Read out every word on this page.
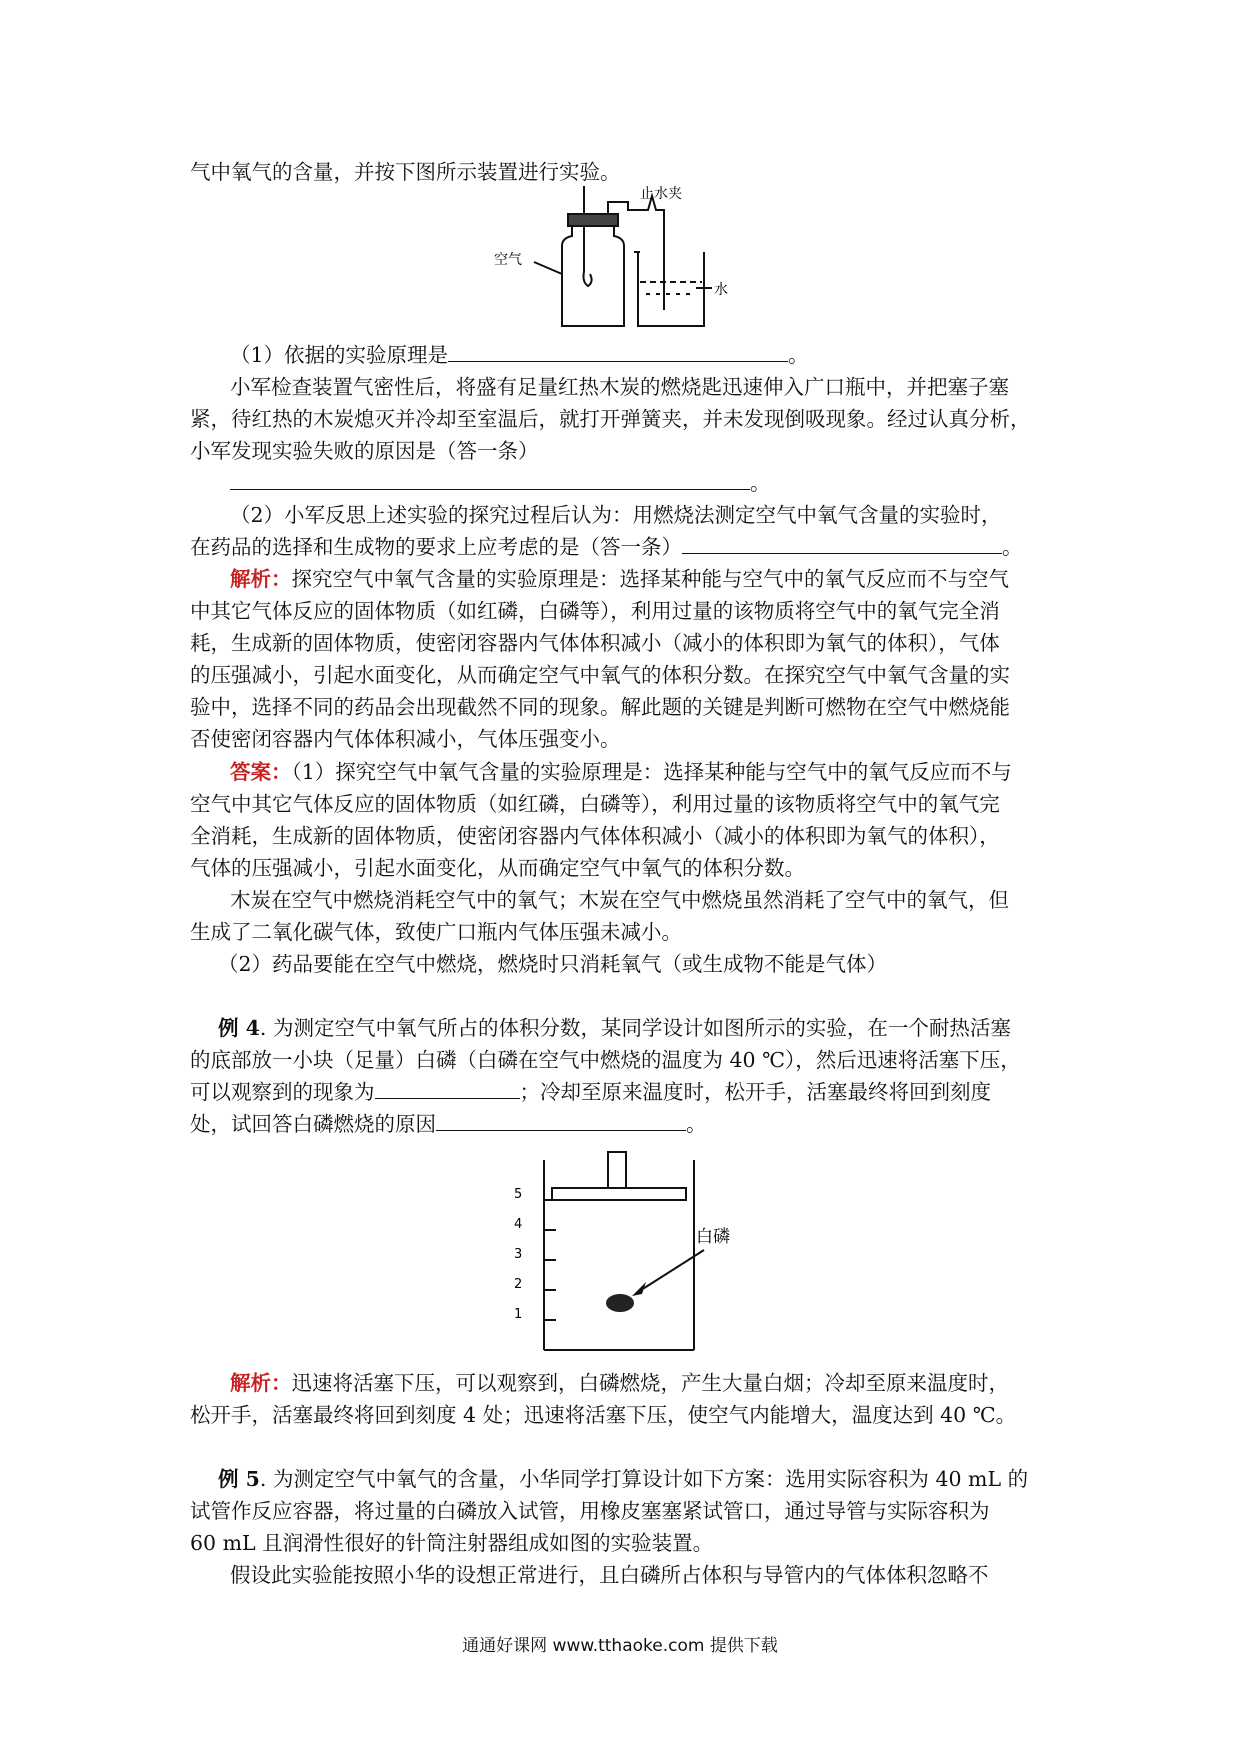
气中氧气的含量，并按下图所示装置进行实验。
止水夹
空气
水
（1）依据的实验原理是	。
小军检查装置气密性后，将盛有足量红热木炭的燃烧匙迅速伸入广口瓶中，并把塞子塞
紧，待红热的木炭熄灭并冷却至室温后，就打开弹簧夹，并未发现倒吸现象。经过认真分析，
小军发现实验失败的原因是（答一条）
。
（2）小军反思上述实验的探究过程后认为：用燃烧法测定空气中氧气含量的实验时，
在药品的选择和生成物的要求上应考虑的是（答一条）	。
解析：探究空气中氧气含量的实验原理是：选择某种能与空气中的氧气反应而不与空气
中其它气体反应的固体物质（如红磷，白磷等），利用过量的该物质将空气中的氧气完全消
耗，生成新的固体物质，使密闭容器内气体体积减小（减小的体积即为氧气的体积），气体
的压强减小，引起水面变化，从而确定空气中氧气的体积分数。在探究空气中氧气含量的实
验中，选择不同的药品会出现截然不同的现象。解此题的关键是判断可燃物在空气中燃烧能
否使密闭容器内气体体积减小，气体压强变小。
答案：（1）探究空气中氧气含量的实验原理是：选择某种能与空气中的氧气反应而不与
空气中其它气体反应的固体物质（如红磷，白磷等），利用过量的该物质将空气中的氧气完
全消耗，生成新的固体物质，使密闭容器内气体体积减小（减小的体积即为氧气的体积），
气体的压强减小，引起水面变化，从而确定空气中氧气的体积分数。
木炭在空气中燃烧消耗空气中的氧气；木炭在空气中燃烧虽然消耗了空气中的氧气，但
生成了二氧化碳气体，致使广口瓶内气体压强未减小。
（2）药品要能在空气中燃烧，燃烧时只消耗氧气（或生成物不能是气体）
例 4. 为测定空气中氧气所占的体积分数，某同学设计如图所示的实验，在一个耐热活塞
的底部放一小块（足量）白磷（白磷在空气中燃烧的温度为 40 ℃），然后迅速将活塞下压，
可以观察到的现象为	；冷却至原来温度时，松开手，活塞最终将回到刻度
处，试回答白磷燃烧的原因	。
5
4
3
2
1
白磷
解析：迅速将活塞下压，可以观察到，白磷燃烧，产生大量白烟；冷却至原来温度时，
松开手，活塞最终将回到刻度 4 处；迅速将活塞下压，使空气内能增大，温度达到 40 ℃。
例 5. 为测定空气中氧气的含量，小华同学打算设计如下方案：选用实际容积为 40 mL 的
试管作反应容器，将过量的白磷放入试管，用橡皮塞塞紧试管口，通过导管与实际容积为
60 mL 且润滑性很好的针筒注射器组成如图的实验装置。
假设此实验能按照小华的设想正常进行，且白磷所占体积与导管内的气体体积忽略不
通通好课网 www.tthaoke.com 提供下载
